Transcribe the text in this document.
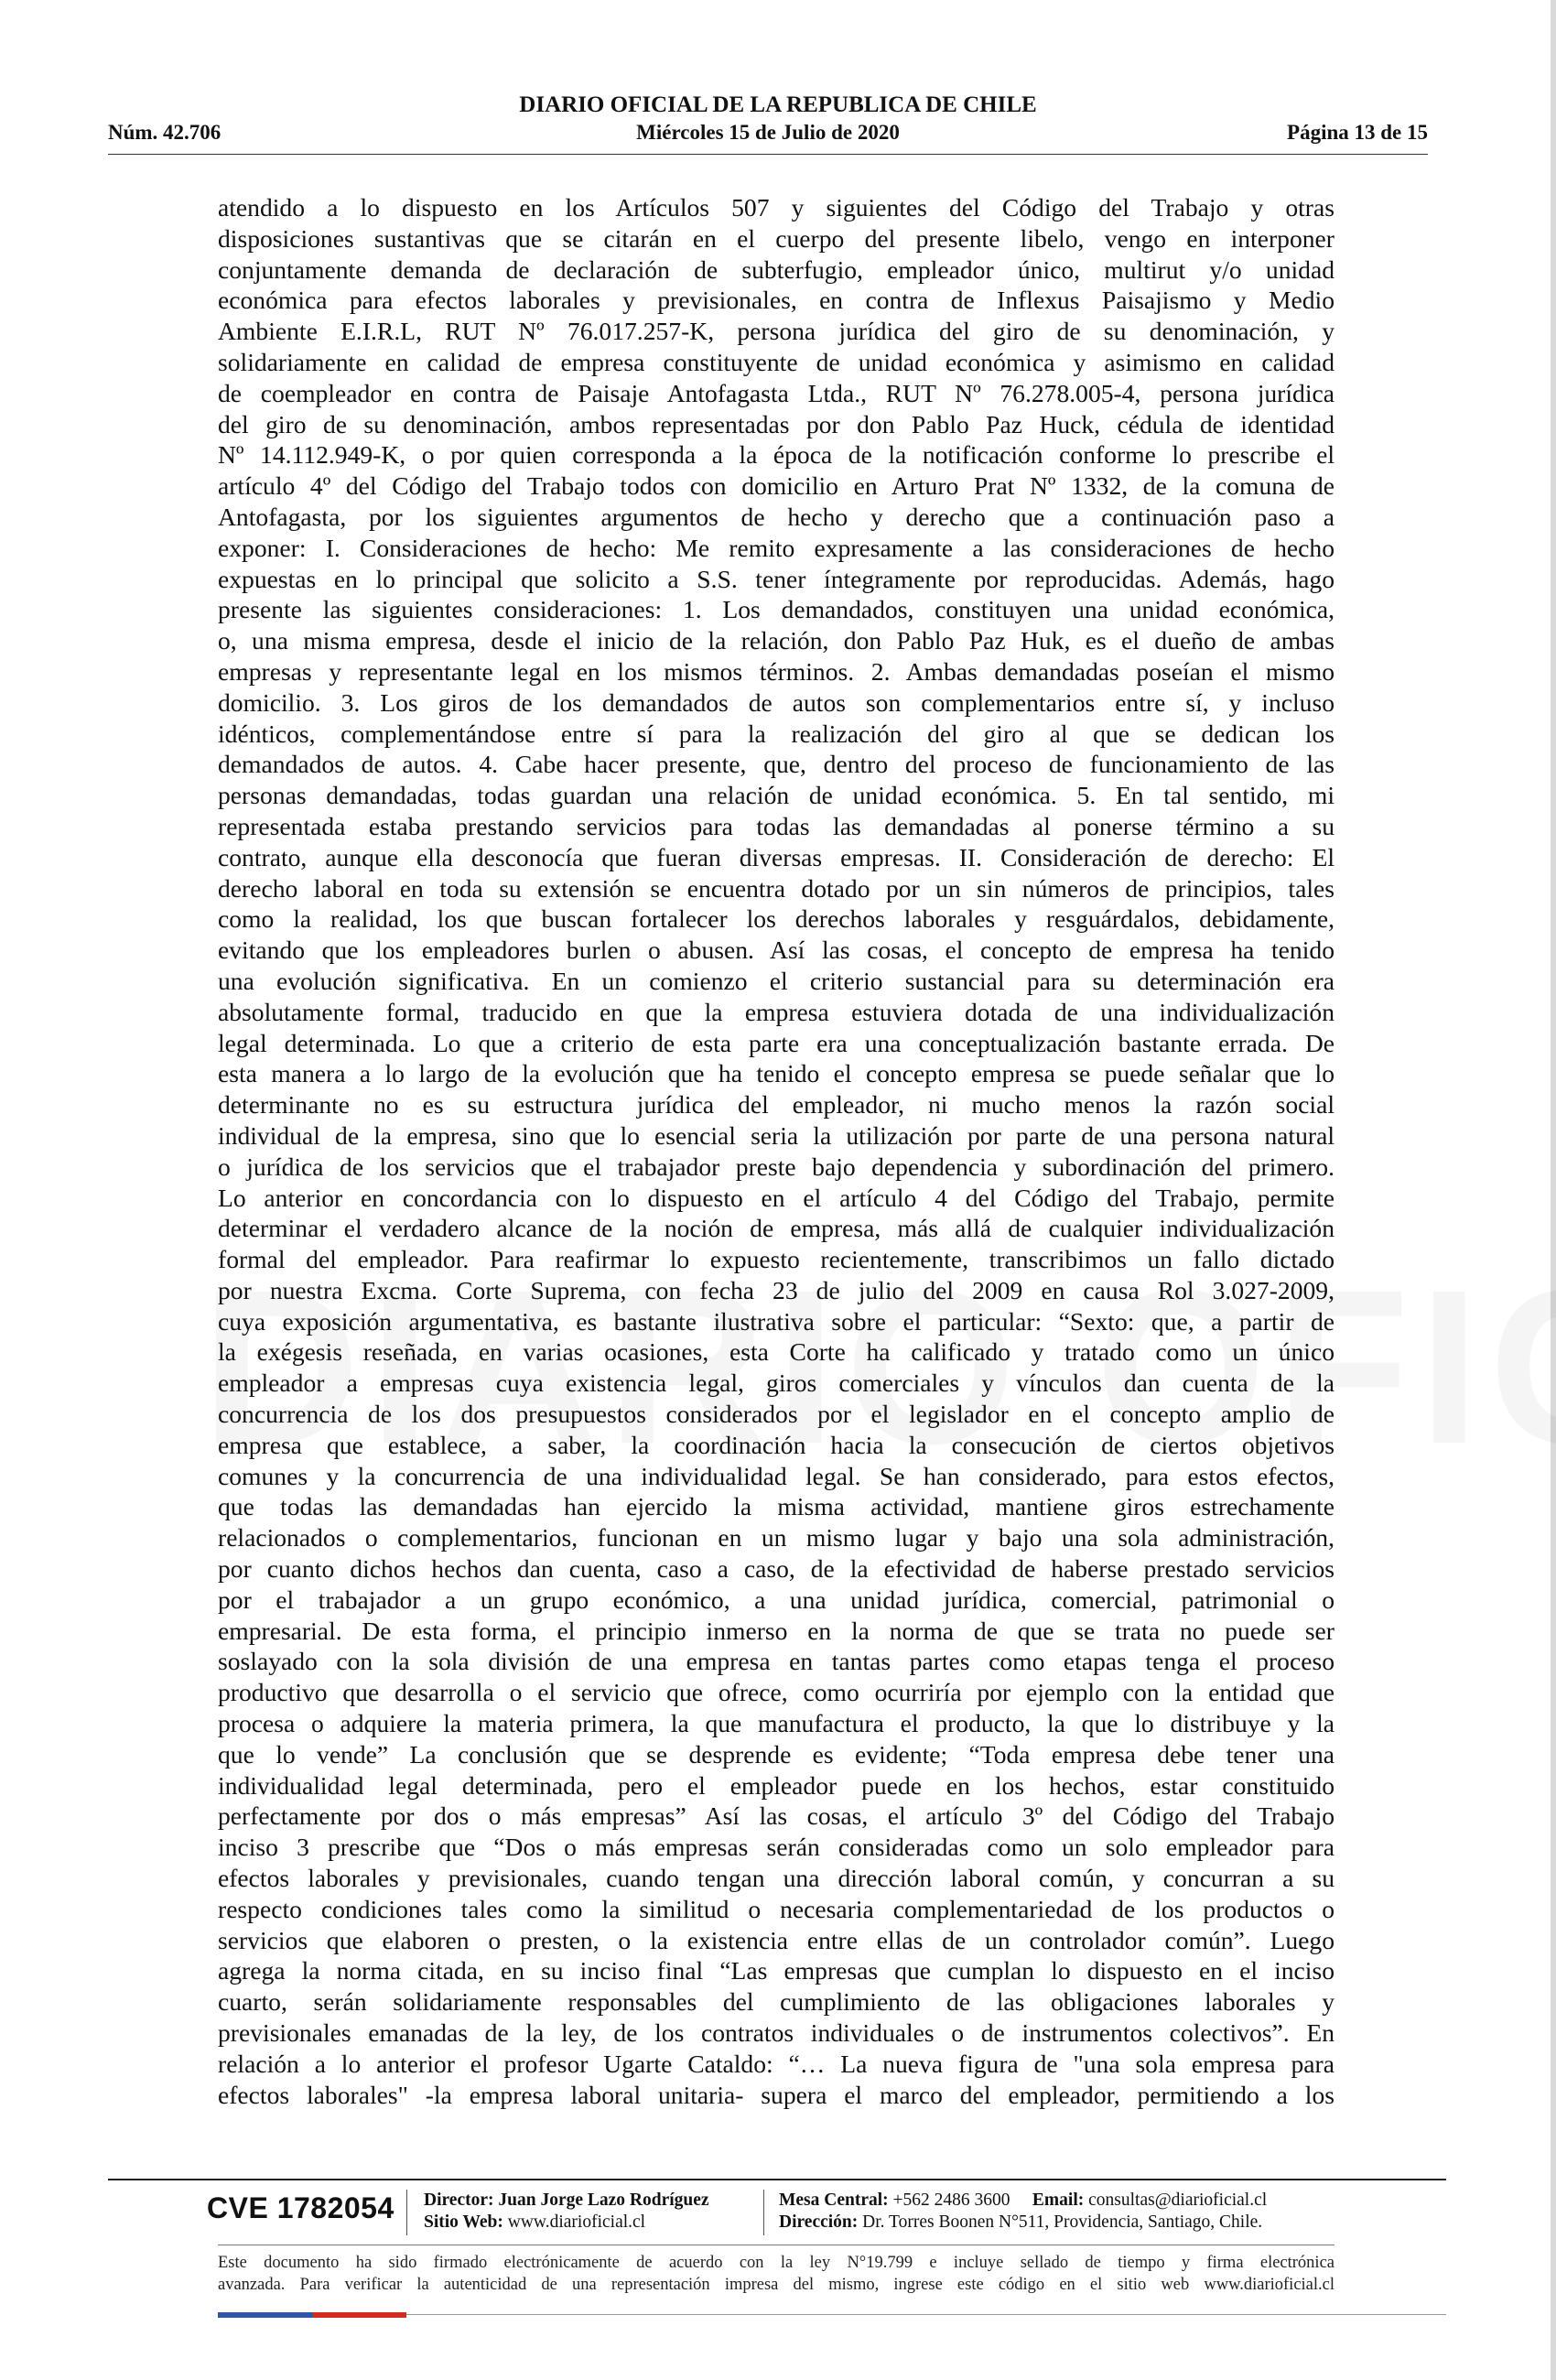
DIARIO OFICIAL DE LA REPUBLICA DE CHILE
Núm. 42.706	Miércoles 15 de Julio de 2020	Página 13 de 15
atendido a lo dispuesto en los Artículos 507 y siguientes del Código del Trabajo y otras
disposiciones sustantivas que se citarán en el cuerpo del presente libelo, vengo en interponer
conjuntamente demanda de declaración de subterfugio, empleador único, multirut y/o unidad
económica para efectos laborales y previsionales, en contra de Inflexus Paisajismo y Medio
Ambiente E.I.R.L, RUT Nº 76.017.257-K, persona jurídica del giro de su denominación, y
solidariamente en calidad de empresa constituyente de unidad económica y asimismo en calidad
de coempleador en contra de Paisaje Antofagasta Ltda., RUT Nº 76.278.005-4, persona jurídica
del giro de su denominación, ambos representadas por don Pablo Paz Huck, cédula de identidad
Nº 14.112.949-K, o por quien corresponda a la época de la notificación conforme lo prescribe el
artículo 4º del Código del Trabajo todos con domicilio en Arturo Prat Nº 1332, de la comuna de
Antofagasta, por los siguientes argumentos de hecho y derecho que a continuación paso a
exponer: I. Consideraciones de hecho: Me remito expresamente a las consideraciones de hecho
expuestas en lo principal que solicito a S.S. tener íntegramente por reproducidas. Además, hago
presente las siguientes consideraciones: 1. Los demandados, constituyen una unidad económica,
o, una misma empresa, desde el inicio de la relación, don Pablo Paz Huk, es el dueño de ambas
empresas y representante legal en los mismos términos. 2. Ambas demandadas poseían el mismo
domicilio. 3. Los giros de los demandados de autos son complementarios entre sí, y incluso
idénticos, complementándose entre sí para la realización del giro al que se dedican los
demandados de autos. 4. Cabe hacer presente, que, dentro del proceso de funcionamiento de las
personas demandadas, todas guardan una relación de unidad económica. 5. En tal sentido, mi
representada estaba prestando servicios para todas las demandadas al ponerse término a su
contrato, aunque ella desconocía que fueran diversas empresas. II. Consideración de derecho: El
derecho laboral en toda su extensión se encuentra dotado por un sin números de principios, tales
como la realidad, los que buscan fortalecer los derechos laborales y resguárdalos, debidamente,
evitando que los empleadores burlen o abusen. Así las cosas, el concepto de empresa ha tenido
una evolución significativa. En un comienzo el criterio sustancial para su determinación era
absolutamente formal, traducido en que la empresa estuviera dotada de una individualización
legal determinada. Lo que a criterio de esta parte era una conceptualización bastante errada. De
esta manera a lo largo de la evolución que ha tenido el concepto empresa se puede señalar que lo
determinante no es su estructura jurídica del empleador, ni mucho menos la razón social
individual de la empresa, sino que lo esencial seria la utilización por parte de una persona natural
o jurídica de los servicios que el trabajador preste bajo dependencia y subordinación del primero.
Lo anterior en concordancia con lo dispuesto en el artículo 4 del Código del Trabajo, permite
determinar el verdadero alcance de la noción de empresa, más allá de cualquier individualización
formal del empleador. Para reafirmar lo expuesto recientemente, transcribimos un fallo dictado
por nuestra Excma. Corte Suprema, con fecha 23 de julio del 2009 en causa Rol 3.027-2009,
cuya exposición argumentativa, es bastante ilustrativa sobre el particular: “Sexto: que, a partir de
la exégesis reseñada, en varias ocasiones, esta Corte ha calificado y tratado como un único
empleador a empresas cuya existencia legal, giros comerciales y vínculos dan cuenta de la
concurrencia de los dos presupuestos considerados por el legislador en el concepto amplio de
empresa que establece, a saber, la coordinación hacia la consecución de ciertos objetivos
comunes y la concurrencia de una individualidad legal. Se han considerado, para estos efectos,
que todas las demandadas han ejercido la misma actividad, mantiene giros estrechamente
relacionados o complementarios, funcionan en un mismo lugar y bajo una sola administración,
por cuanto dichos hechos dan cuenta, caso a caso, de la efectividad de haberse prestado servicios
por el trabajador a un grupo económico, a una unidad jurídica, comercial, patrimonial o
empresarial. De esta forma, el principio inmerso en la norma de que se trata no puede ser
soslayado con la sola división de una empresa en tantas partes como etapas tenga el proceso
productivo que desarrolla o el servicio que ofrece, como ocurriría por ejemplo con la entidad que
procesa o adquiere la materia primera, la que manufactura el producto, la que lo distribuye y la
que lo vende” La conclusión que se desprende es evidente; “Toda empresa debe tener una
individualidad legal determinada, pero el empleador puede en los hechos, estar constituido
perfectamente por dos o más empresas” Así las cosas, el artículo 3º del Código del Trabajo
inciso 3 prescribe que “Dos o más empresas serán consideradas como un solo empleador para
efectos laborales y previsionales, cuando tengan una dirección laboral común, y concurran a su
respecto condiciones tales como la similitud o necesaria complementariedad de los productos o
servicios que elaboren o presten, o la existencia entre ellas de un controlador común”. Luego
agrega la norma citada, en su inciso final “Las empresas que cumplan lo dispuesto en el inciso
cuarto, serán solidariamente responsables del cumplimiento de las obligaciones laborales y
previsionales emanadas de la ley, de los contratos individuales o de instrumentos colectivos”. En
relación a lo anterior el profesor Ugarte Cataldo: “… La nueva figura de "una sola empresa para
efectos laborales" -la empresa laboral unitaria- supera el marco del empleador, permitiendo a los
CVE 1782054 Director: Juan Jorge Lazo Rodríguez
Sitio Web: www.diarioficial.cl
Mesa Central: +562 2486 3600 Email: consultas@diarioficial.cl
Dirección: Dr. Torres Boonen N°511, Providencia, Santiago, Chile.
Este documento ha sido firmado electrónicamente de acuerdo con la ley N°19.799 e incluye sellado de tiempo y firma electrónica
avanzada. Para verificar la autenticidad de una representación impresa del mismo, ingrese este código en el sitio web www.diarioficial.cl
